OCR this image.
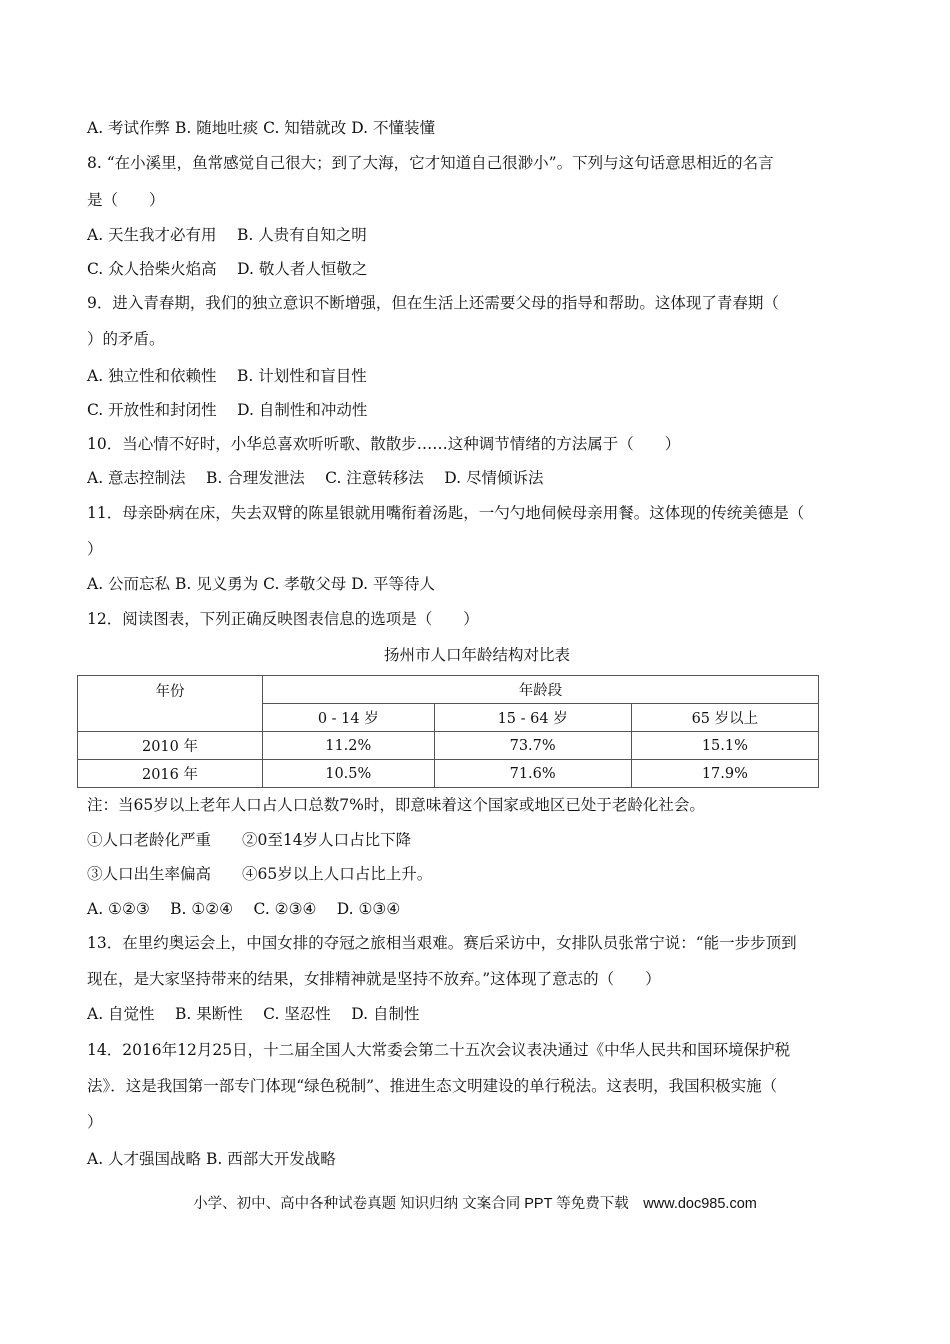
A. 考试作弊 B. 随地吐痰 C. 知错就改 D. 不懂装懂
8. “在小溪里，鱼常感觉自己很大；到了大海，它才知道自己很渺小”。下列与这句话意思相近的名言
是（　　）
A. 天生我才必有用　 B. 人贵有自知之明
C. 众人拾柴火焰高　 D. 敬人者人恒敬之
9．进入青春期，我们的独立意识不断增强，但在生活上还需要父母的指导和帮助。这体现了青春期（
）的矛盾。
A. 独立性和依赖性　 B. 计划性和盲目性
C. 开放性和封闭性　 D. 自制性和冲动性
10．当心情不好时，小华总喜欢听听歌、散散步……这种调节情绪的方法属于（　　）
A. 意志控制法　 B. 合理发泄法　 C. 注意转移法　 D. 尽情倾诉法
11．母亲卧病在床，失去双臂的陈星银就用嘴衔着汤匙，一勺勺地伺候母亲用餐。这体现的传统美德是（
）
A. 公而忘私 B. 见义勇为 C. 孝敬父母 D. 平等待人
12．阅读图表，下列正确反映图表信息的选项是（　　）
扬州市人口年龄结构对比表
年份	年龄段		
	0 - 14 岁	15 - 64 岁	65 岁以上
2010 年	11.2%	73.7%	15.1%
2016 年	10.5%	71.6%	17.9%
注：当65岁以上老年人口占人口总数7%时，即意味着这个国家或地区已处于老龄化社会。
①人口老龄化严重　　②0至14岁人口占比下降
③人口出生率偏高　　④65岁以上人口占比上升。
A. ①②③　 B. ①②④　 C. ②③④　 D. ①③④
13．在里约奥运会上，中国女排的夺冠之旅相当艰难。赛后采访中，女排队员张常宁说：“能一步步顶到
现在，是大家坚持带来的结果，女排精神就是坚持不放弃。”这体现了意志的（　　）
A. 自觉性　 B. 果断性　 C. 坚忍性　 D. 自制性
14．2016年12月25日，十二届全国人大常委会第二十五次会议表决通过《中华人民共和国环境保护税
法》．这是我国第一部专门体现“绿色税制”、推进生态文明建设的单行税法。这表明，我国积极实施（
）
A. 人才强国战略 B. 西部大开发战略
小学、初中、高中各种试卷真题 知识归纳 文案合同 PPT 等免费下载　www.doc985.com
